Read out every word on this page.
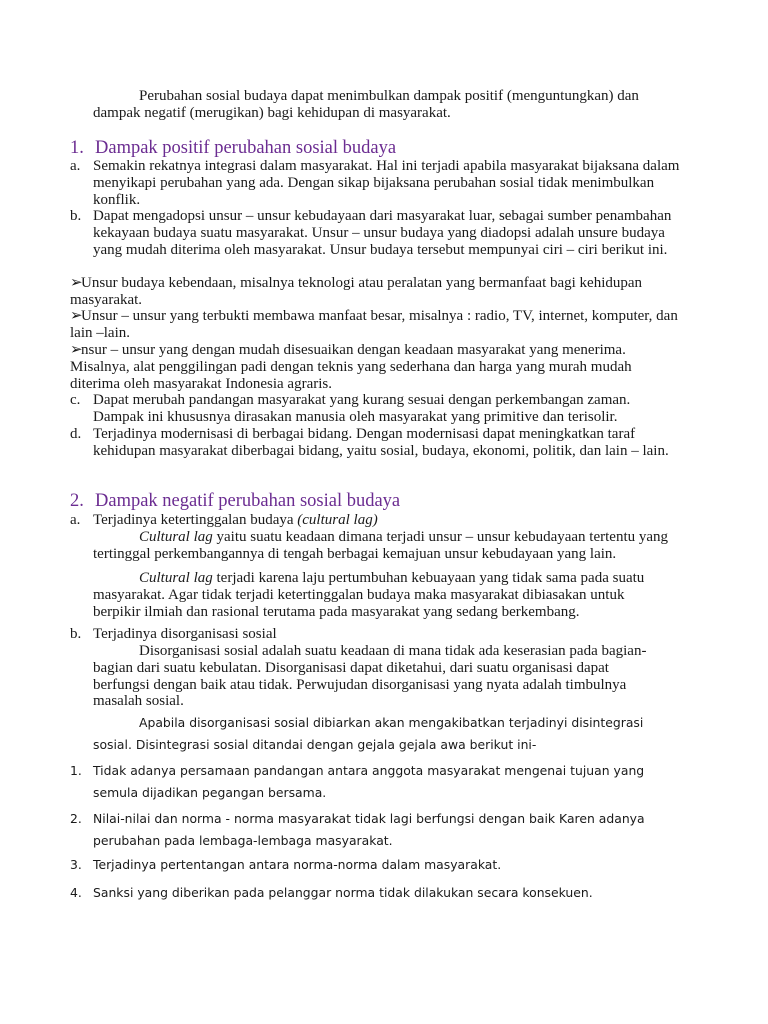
Perubahan sosial budaya dapat menimbulkan dampak positif (menguntungkan) dan dampak negatif (merugikan) bagi kehidupan di masyarakat.
1. Dampak positif perubahan sosial budaya
a. Semakin rekatnya integrasi dalam masyarakat. Hal ini terjadi apabila masyarakat bijaksana dalam menyikapi perubahan yang ada. Dengan sikap bijaksana perubahan sosial tidak menimbulkan konflik.
b. Dapat mengadopsi unsur – unsur kebudayaan dari masyarakat luar, sebagai sumber penambahan kekayaan budaya suatu masyarakat. Unsur – unsur budaya yang diadopsi adalah unsure budaya yang mudah diterima oleh masyarakat. Unsur budaya tersebut mempunyai ciri – ciri berikut ini.
➢
Unsur budaya kebendaan, misalnya teknologi atau peralatan yang bermanfaat bagi kehidupan masyarakat.
➢
Unsur – unsur yang terbukti membawa manfaat besar, misalnya : radio, TV, internet, komputer, dan lain –lain.
➢
nsur – unsur yang dengan mudah disesuaikan dengan keadaan masyarakat yang menerima. Misalnya, alat penggilingan padi dengan teknis yang sederhana dan harga yang murah mudah diterima oleh masyarakat Indonesia agraris.
c. Dapat merubah pandangan masyarakat yang kurang sesuai dengan perkembangan zaman. Dampak ini khususnya dirasakan manusia oleh masyarakat yang primitive dan terisolir.
d. Terjadinya modernisasi di berbagai bidang. Dengan modernisasi dapat meningkatkan taraf kehidupan masyarakat diberbagai bidang, yaitu sosial, budaya, ekonomi, politik, dan lain – lain.
2. Dampak negatif perubahan sosial budaya
a. Terjadinya ketertinggalan budaya (cultural lag)
Cultural lag yaitu suatu keadaan dimana terjadi unsur – unsur kebudayaan tertentu yang tertinggal perkembangannya di tengah berbagai kemajuan unsur kebudayaan yang lain.
Cultural lag terjadi karena laju pertumbuhan kebuayaan yang tidak sama pada suatu masyarakat. Agar tidak terjadi ketertinggalan budaya maka masyarakat dibiasakan untuk berpikir ilmiah dan rasional terutama pada masyarakat yang sedang berkembang.
b. Terjadinya disorganisasi sosial
Disorganisasi sosial adalah suatu keadaan di mana tidak ada keserasian pada bagian-bagian dari suatu kebulatan. Disorganisasi dapat diketahui, dari suatu organisasi dapat berfungsi dengan baik atau tidak. Perwujudan disorganisasi yang nyata adalah timbulnya masalah sosial.
Apabila disorganisasi sosial dibiarkan akan mengakibatkan terjadinyi disintegrasi sosial. Disintegrasi sosial ditandai dengan gejala gejala awa berikut ini-
1. Tidak adanya persamaan pandangan antara anggota masyarakat mengenai tujuan yang semula dijadikan pegangan bersama.
2. Nilai-nilai dan norma - norma masyarakat tidak lagi berfungsi dengan baik Karen adanya perubahan pada lembaga-lembaga masyarakat.
3. Terjadinya pertentangan antara norma-norma dalam masyarakat.
4. Sanksi yang diberikan pada pelanggar norma tidak dilakukan secara konsekuen.
